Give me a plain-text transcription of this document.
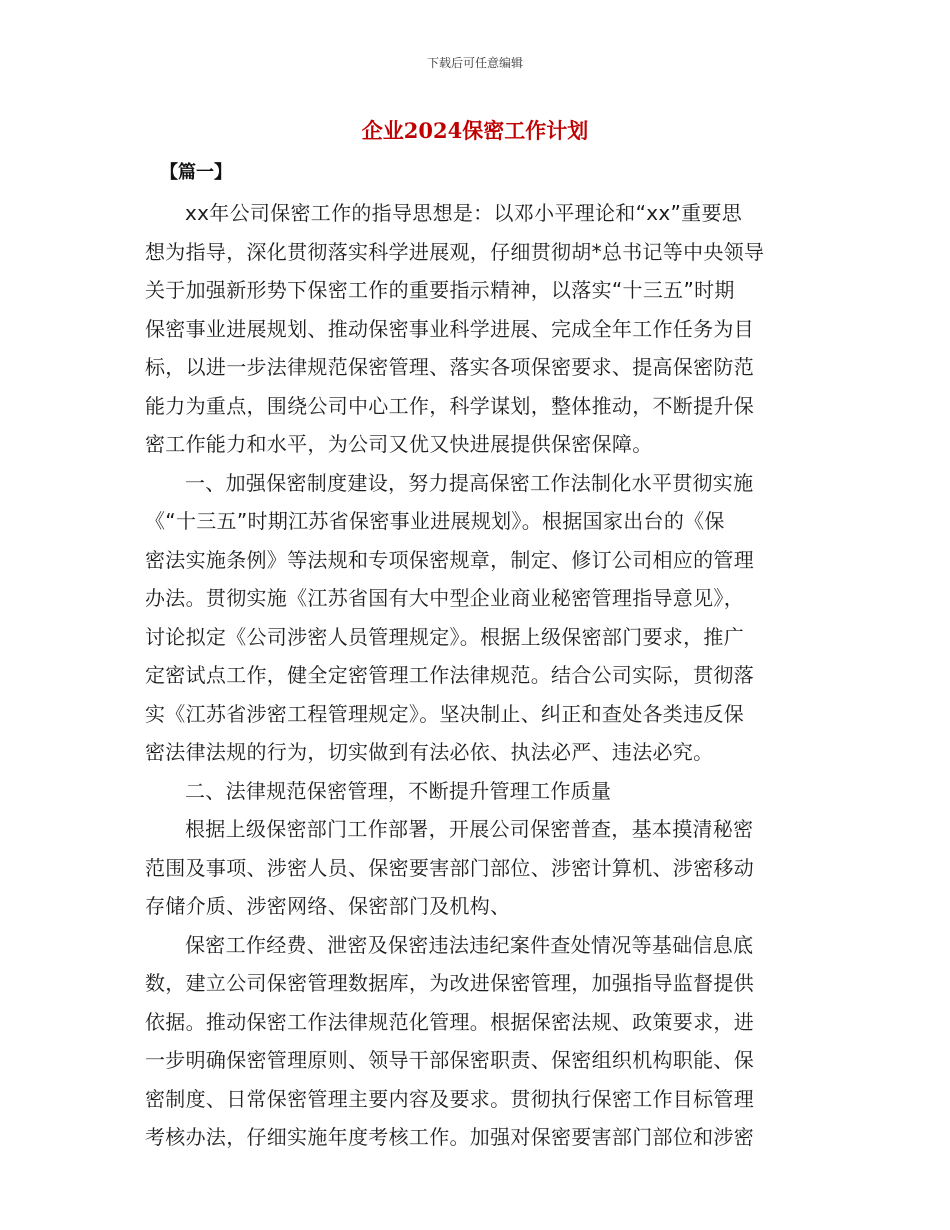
下载后可任意编辑
企业2024保密工作计划
【篇一】
xx年公司保密工作的指导思想是：以邓小平理论和“xx”重要思
想为指导，深化贯彻落实科学进展观，仔细贯彻胡*总书记等中央领导
关于加强新形势下保密工作的重要指示精神，以落实“十三五”时期
保密事业进展规划、推动保密事业科学进展、完成全年工作任务为目
标，以进一步法律规范保密管理、落实各项保密要求、提高保密防范
能力为重点，围绕公司中心工作，科学谋划，整体推动，不断提升保
密工作能力和水平，为公司又优又快进展提供保密保障。
一、加强保密制度建设，努力提高保密工作法制化水平贯彻实施
《“十三五”时期江苏省保密事业进展规划》。根据国家出台的《保
密法实施条例》等法规和专项保密规章，制定、修订公司相应的管理
办法。贯彻实施《江苏省国有大中型企业商业秘密管理指导意见》，
讨论拟定《公司涉密人员管理规定》。根据上级保密部门要求，推广
定密试点工作，健全定密管理工作法律规范。结合公司实际，贯彻落
实《江苏省涉密工程管理规定》。坚决制止、纠正和查处各类违反保
密法律法规的行为，切实做到有法必依、执法必严、违法必究。
二、法律规范保密管理，不断提升管理工作质量
根据上级保密部门工作部署，开展公司保密普查，基本摸清秘密
范围及事项、涉密人员、保密要害部门部位、涉密计算机、涉密移动
存储介质、涉密网络、保密部门及机构、
保密工作经费、泄密及保密违法违纪案件查处情况等基础信息底
数，建立公司保密管理数据库，为改进保密管理，加强指导监督提供
依据。推动保密工作法律规范化管理。根据保密法规、政策要求，进
一步明确保密管理原则、领导干部保密职责、保密组织机构职能、保
密制度、日常保密管理主要内容及要求。贯彻执行保密工作目标管理
考核办法，仔细实施年度考核工作。加强对保密要害部门部位和涉密
